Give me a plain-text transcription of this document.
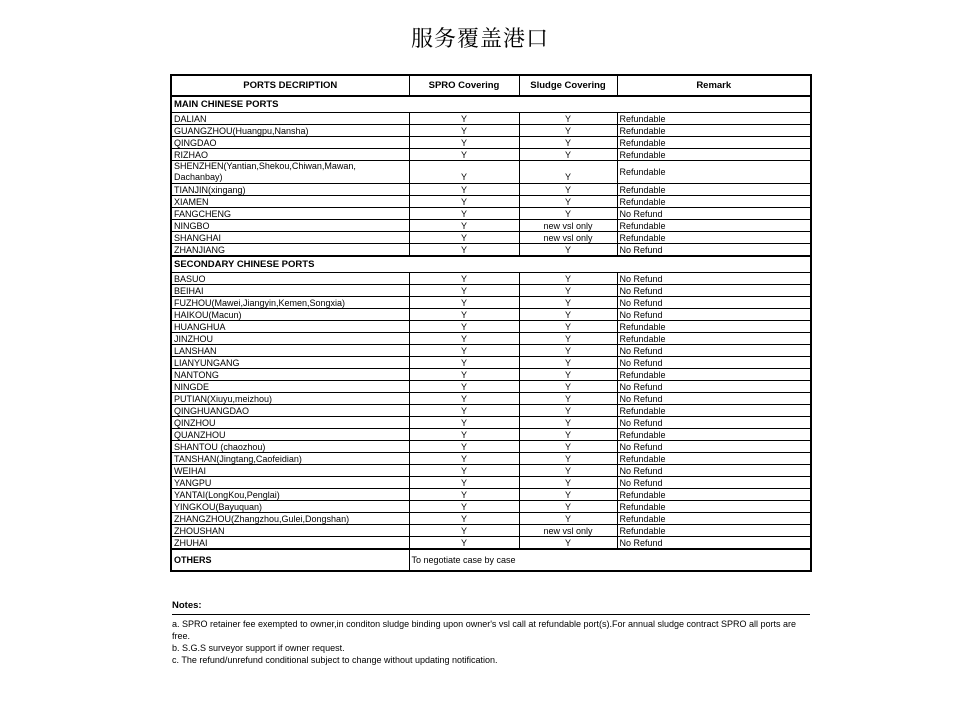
服务覆盖港口
PORTS DECRIPTION	SPRO Covering	Sludge Covering	Remark
MAIN CHINESE PORTS			
DALIAN	Y	Y	Refundable
GUANGZHOU(Huangpu,Nansha)	Y	Y	Refundable
QINGDAO	Y	Y	Refundable
RIZHAO	Y	Y	Refundable
SHENZHEN(Yantian,Shekou,Chiwan,Mawan, Dachanbay)	Y	Y	Refundable
TIANJIN(xingang)	Y	Y	Refundable
XIAMEN	Y	Y	Refundable
FANGCHENG	Y	Y	No Refund
NINGBO	Y	new vsl only	Refundable
SHANGHAI	Y	new vsl only	Refundable
ZHANJIANG	Y	Y	No Refund
SECONDARY CHINESE PORTS			
BASUO	Y	Y	No Refund
BEIHAI	Y	Y	No Refund
FUZHOU(Mawei,Jiangyin,Kemen,Songxia)	Y	Y	No Refund
HAIKOU(Macun)	Y	Y	No Refund
HUANGHUA	Y	Y	Refundable
JINZHOU	Y	Y	Refundable
LANSHAN	Y	Y	No Refund
LIANYUNGANG	Y	Y	No Refund
NANTONG	Y	Y	Refundable
NINGDE	Y	Y	No Refund
PUTIAN(Xiuyu,meizhou)	Y	Y	No Refund
QINGHUANGDAO	Y	Y	Refundable
QINZHOU	Y	Y	No Refund
QUANZHOU	Y	Y	Refundable
SHANTOU (chaozhou)	Y	Y	No Refund
TANSHAN(Jingtang,Caofeidian)	Y	Y	Refundable
WEIHAI	Y	Y	No Refund
YANGPU	Y	Y	No Refund
YANTAI(LongKou,Penglai)	Y	Y	Refundable
YINGKOU(Bayuquan)	Y	Y	Refundable
ZHANGZHOU(Zhangzhou,Gulei,Dongshan)	Y	Y	Refundable
ZHOUSHAN	Y	new vsl only	Refundable
ZHUHAI	Y	Y	No Refund
OTHERS	To negotiate case by case		
Notes:

a. SPRO retainer fee exempted to owner,in conditon sludge binding upon owner's vsl call at refundable port(s).For annual sludge contract SPRO all ports are free.

b. S.G.S surveyor support if owner request.

c. The refund/unrefund conditional subject to change without updating notification.
